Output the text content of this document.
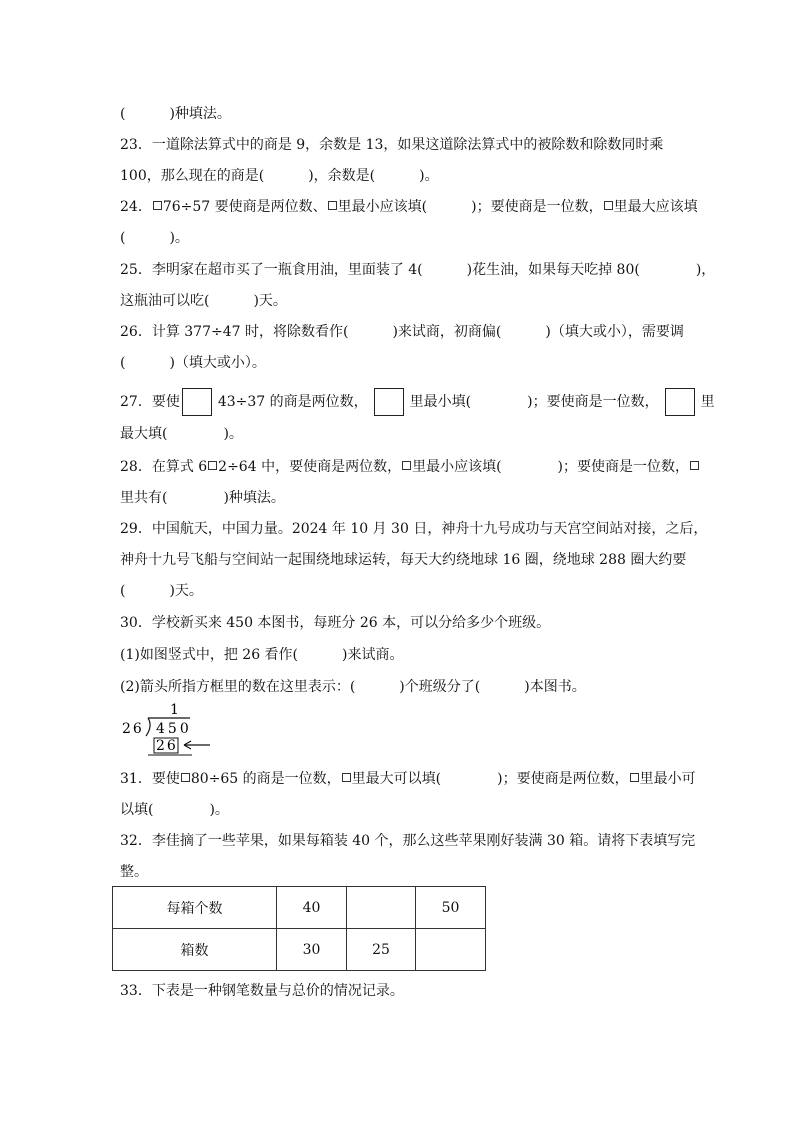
(	)种填法。
23．一道除法算式中的商是 9，余数是 13，如果这道除法算式中的被除数和除数同时乘
100，那么现在的商是(	)，余数是(	)。
24． 76÷57 要使商是两位数、 里最小应该填(	)；要使商是一位数， 里最大应该填
(	)。
25．李明家在超市买了一瓶食用油，里面装了 4(	)花生油，如果每天吃掉 80(	)，
这瓶油可以吃(	)天。
26．计算 377÷47 时，将除数看作(	)来试商，初商偏(	)（填大或小），需要调
(	)（填大或小）。
27．要使	43÷37 的商是两位数，	里最小填(	)；要使商是一位数，	里
最大填(	)。
28．在算式 6 2÷64 中，要使商是两位数， 里最小应该填(	)；要使商是一位数，
里共有(	)种填法。
29．中国航天，中国力量。2024 年 10 月 30 日，神舟十九号成功与天宫空间站对接，之后，
神舟十九号飞船与空间站一起围绕地球运转，每天大约绕地球 16 圈，绕地球 288 圈大约要
(	)天。
30．学校新买来 450 本图书，每班分 26 本，可以分给多少个班级。
(1)如图竖式中，把 26 看作(	)来试商。
(2)箭头所指方框里的数在这里表示：(	)个班级分了(	)本图书。
1
26 450
26
31．要使 80÷65 的商是一位数， 里最大可以填(	)；要使商是两位数， 里最小可
以填(	)。
32．李佳摘了一些苹果，如果每箱装 40 个，那么这些苹果刚好装满 30 箱。请将下表填写完
整。
每箱个数	40		50
箱数	30	25	
33．下表是一种钢笔数量与总价的情况记录。
